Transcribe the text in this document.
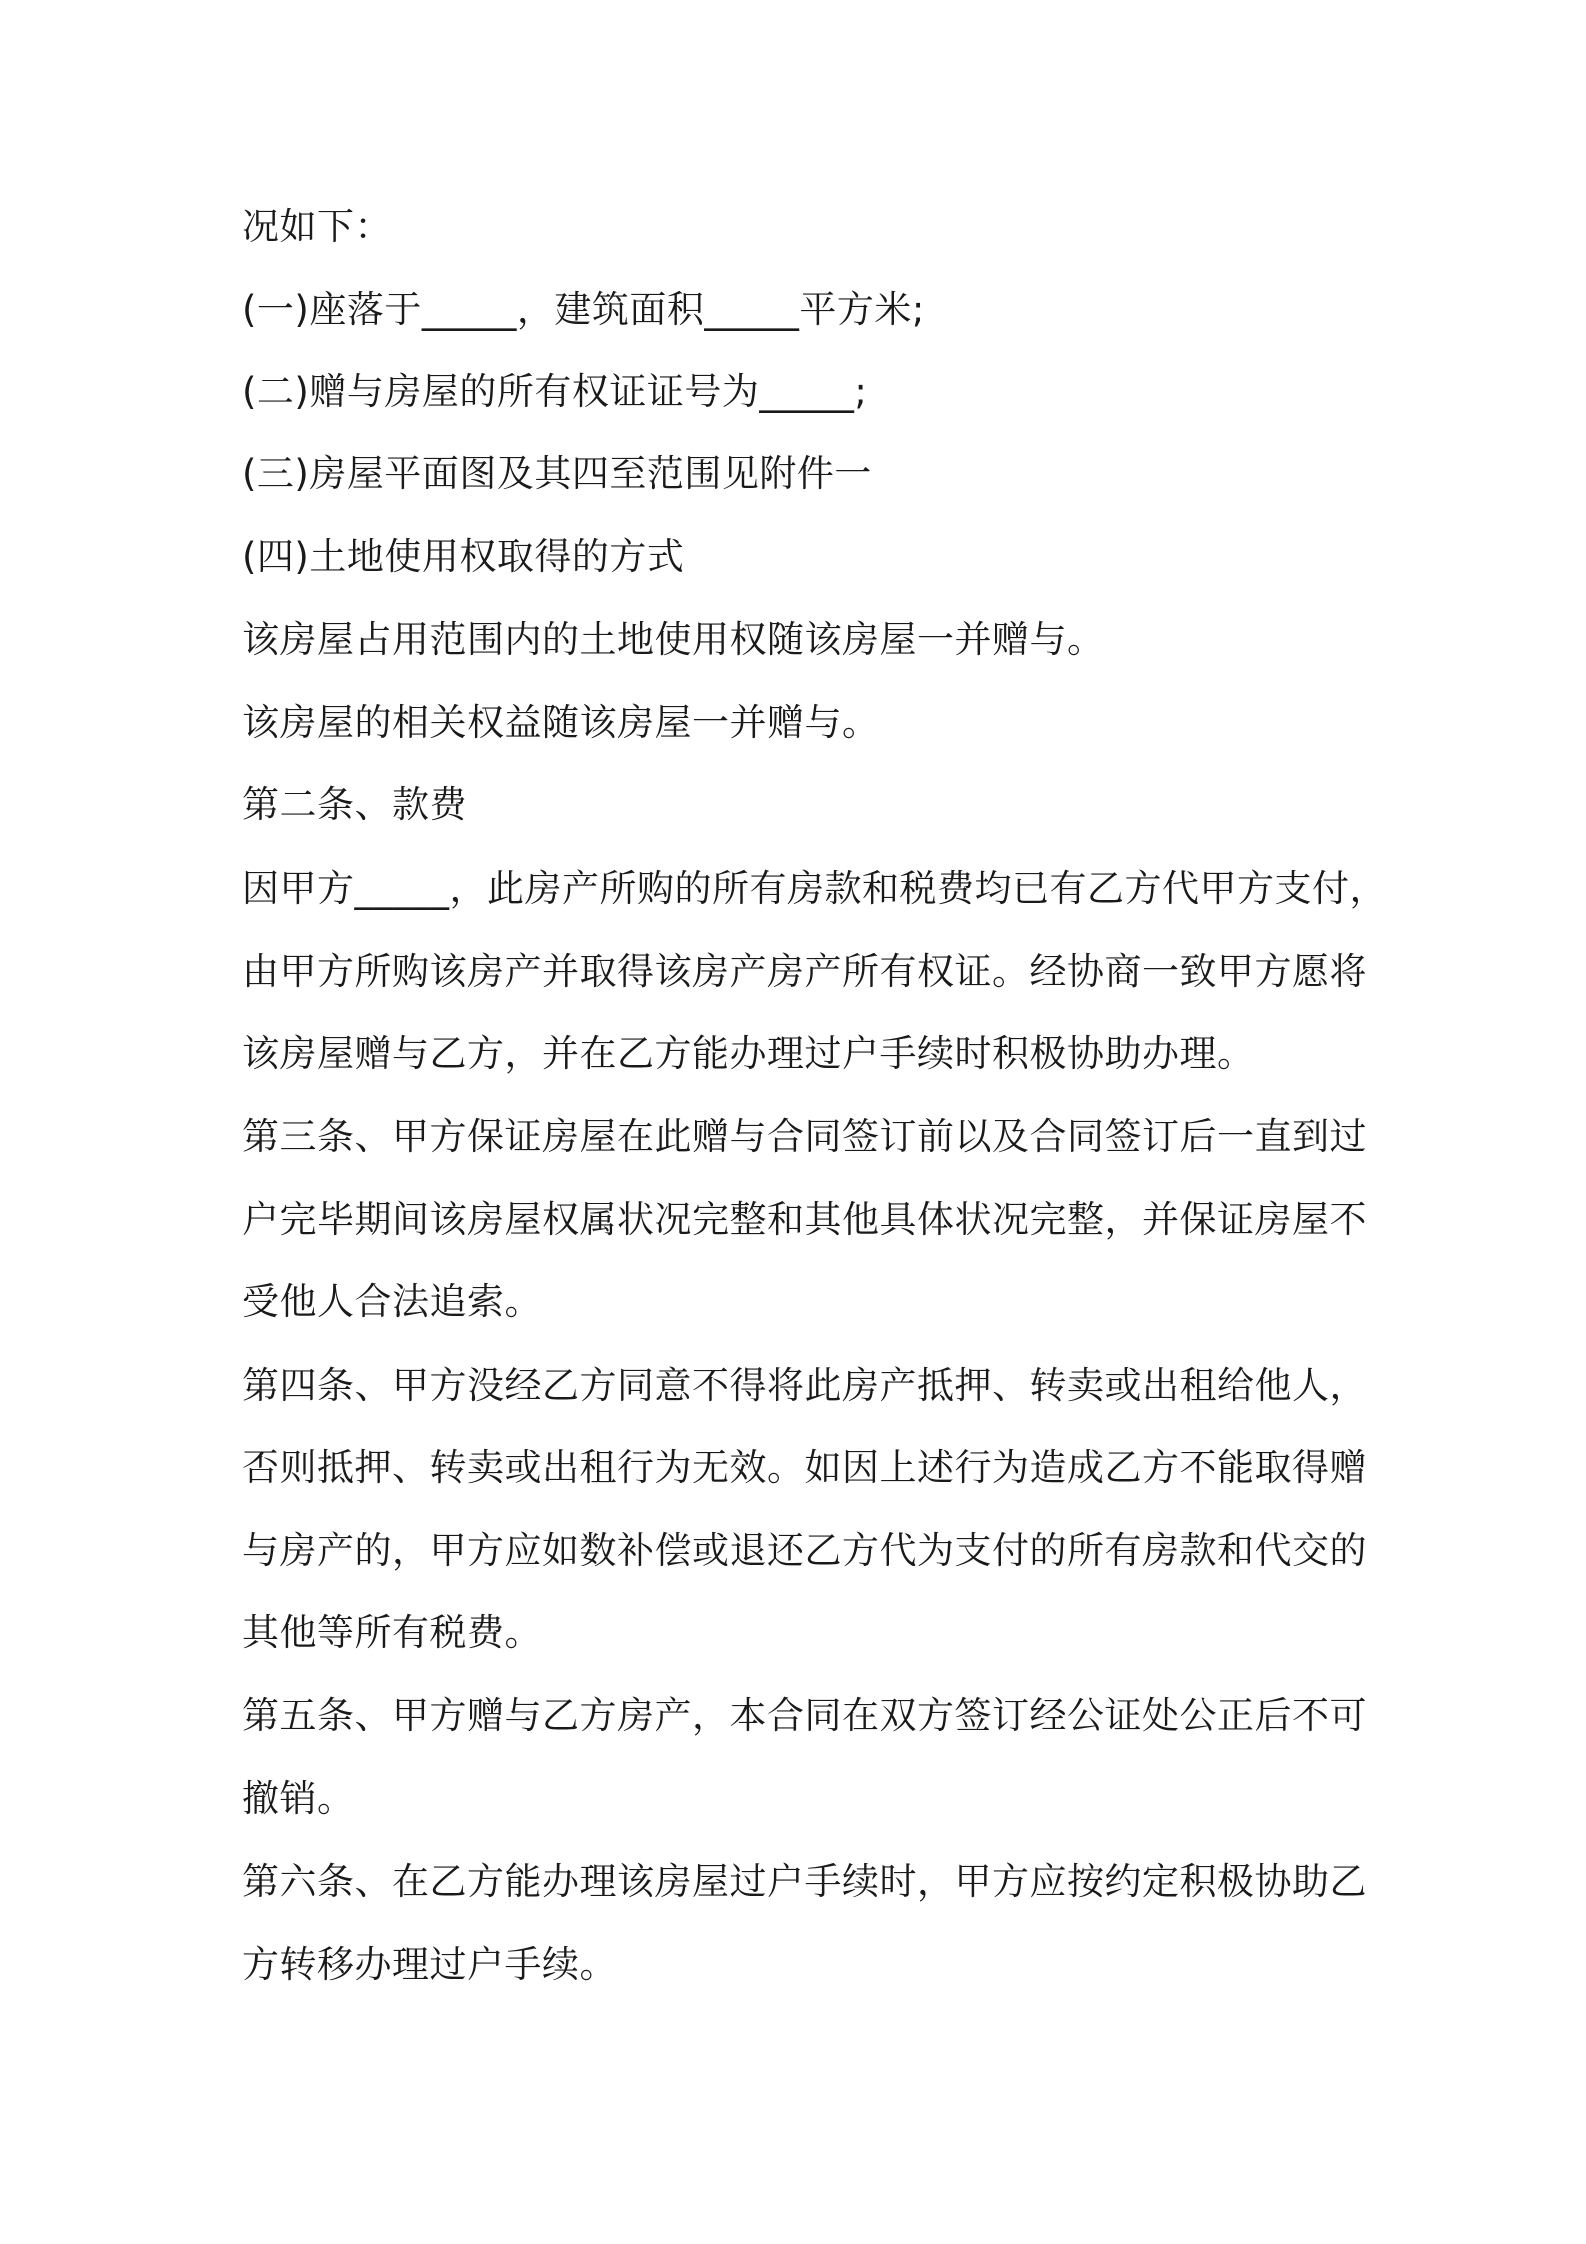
况如下：
(一)座落于_____，建筑面积_____平方米;
(二)赠与房屋的所有权证证号为_____;
(三)房屋平面图及其四至范围见附件一
(四)土地使用权取得的方式
该房屋占用范围内的土地使用权随该房屋一并赠与。
该房屋的相关权益随该房屋一并赠与。
第二条、款费
因甲方_____，此房产所购的所有房款和税费均已有乙方代甲方支付，
由甲方所购该房产并取得该房产房产所有权证。经协商一致甲方愿将
该房屋赠与乙方，并在乙方能办理过户手续时积极协助办理。
第三条、甲方保证房屋在此赠与合同签订前以及合同签订后一直到过
户完毕期间该房屋权属状况完整和其他具体状况完整，并保证房屋不
受他人合法追索。
第四条、甲方没经乙方同意不得将此房产抵押、转卖或出租给他人，
否则抵押、转卖或出租行为无效。如因上述行为造成乙方不能取得赠
与房产的，甲方应如数补偿或退还乙方代为支付的所有房款和代交的
其他等所有税费。
第五条、甲方赠与乙方房产，本合同在双方签订经公证处公正后不可
撤销。
第六条、在乙方能办理该房屋过户手续时，甲方应按约定积极协助乙
方转移办理过户手续。
